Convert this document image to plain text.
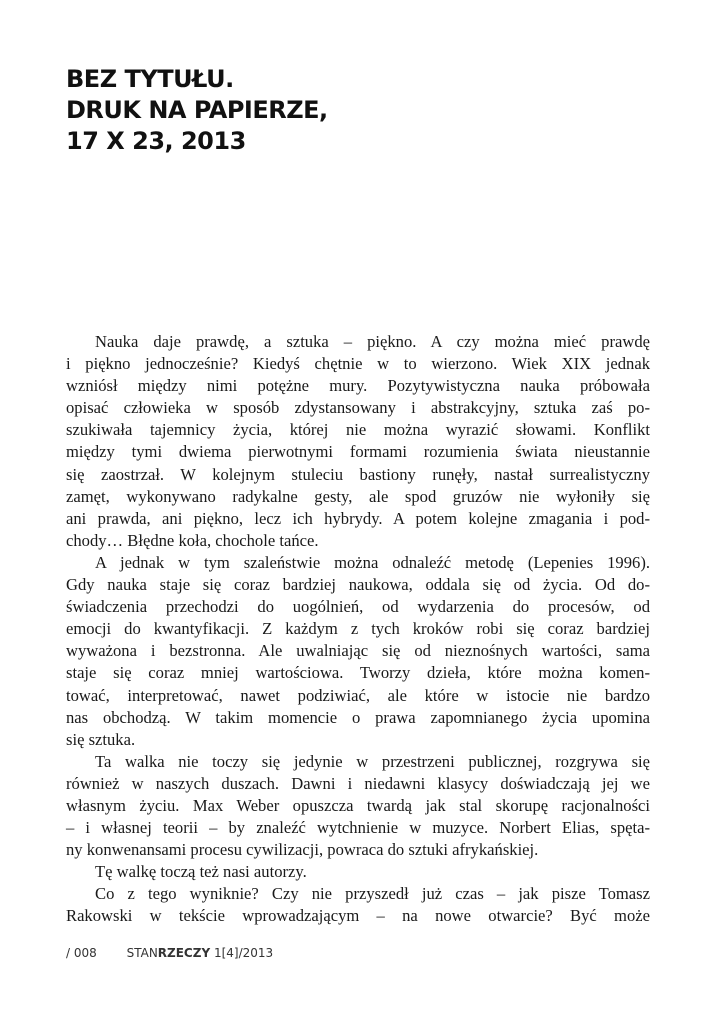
BEZ TYTUŁU.
DRUK NA PAPIERZE,
17 X 23, 2013
Nauka daje prawdę, a sztuka – piękno. A czy można mieć prawdę
i piękno jednocześnie? Kiedyś chętnie w to wierzono. Wiek XIX jednak
wzniósł między nimi potężne mury. Pozytywistyczna nauka próbowała
opisać człowieka w sposób zdystansowany i abstrakcyjny, sztuka zaś po-
szukiwała tajemnicy życia, której nie można wyrazić słowami. Konflikt
między tymi dwiema pierwotnymi formami rozumienia świata nieustannie
się zaostrzał. W kolejnym stuleciu bastiony runęły, nastał surrealistyczny
zamęt, wykonywano radykalne gesty, ale spod gruzów nie wyłoniły się
ani prawda, ani piękno, lecz ich hybrydy. A potem kolejne zmagania i pod-
chody… Błędne koła, chochole tańce.
A jednak w tym szaleństwie można odnaleźć metodę (Lepenies 1996).
Gdy nauka staje się coraz bardziej naukowa, oddala się od życia. Od do-
świadczenia przechodzi do uogólnień, od wydarzenia do procesów, od
emocji do kwantyfikacji. Z każdym z tych kroków robi się coraz bardziej
wyważona i bezstronna. Ale uwalniając się od nieznośnych wartości, sama
staje się coraz mniej wartościowa. Tworzy dzieła, które można komen-
tować, interpretować, nawet podziwiać, ale które w istocie nie bardzo
nas obchodzą. W takim momencie o prawa zapomnianego życia upomina
się sztuka.
Ta walka nie toczy się jedynie w przestrzeni publicznej, rozgrywa się
również w naszych duszach. Dawni i niedawni klasycy doświadczają jej we
własnym życiu. Max Weber opuszcza twardą jak stal skorupę racjonalności
– i własnej teorii – by znaleźć wytchnienie w muzyce. Norbert Elias, spęta-
ny konwenansami procesu cywilizacji, powraca do sztuki afrykańskiej.
Tę walkę toczą też nasi autorzy.
Co z tego wyniknie? Czy nie przyszedł już czas – jak pisze Tomasz
Rakowski w tekście wprowadzającym – na nowe otwarcie? Być może
/ 008 STANRZECZY 1[4]/2013
